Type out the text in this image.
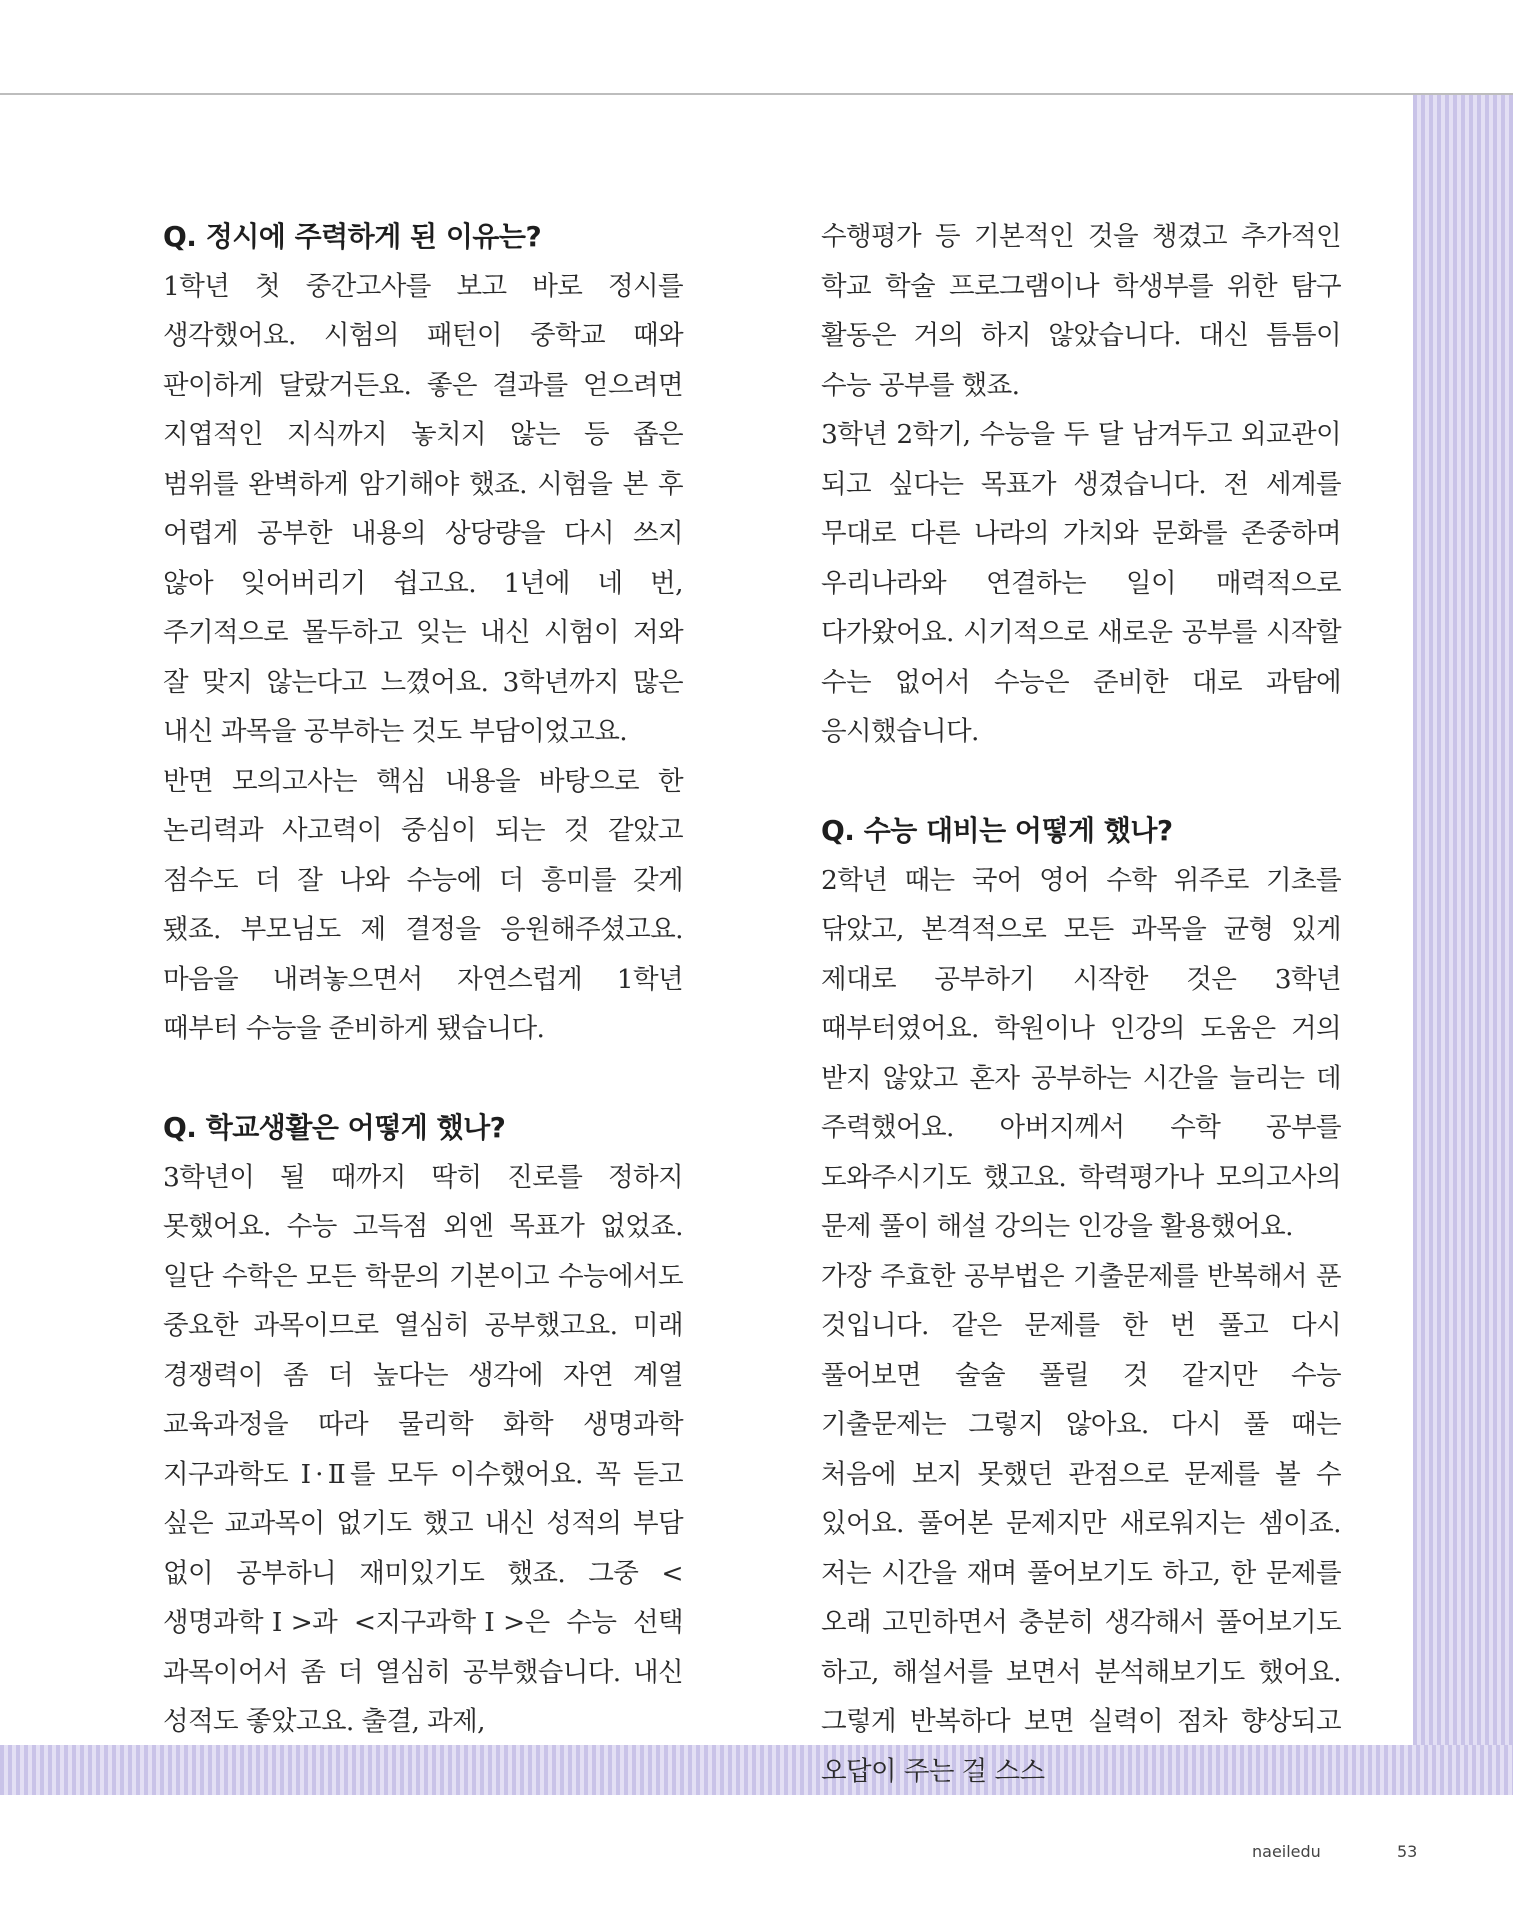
Q. 정시에 주력하게 된 이유는?

1학년 첫 중간고사를 보고 바로 정시를 생각했어요. 시험의 패턴이 중학교 때와 판이하게 달랐거든요. 좋은 결과를 얻으려면 지엽적인 지식까지 놓치지 않는 등 좁은 범위를 완벽하게 암기해야 했죠. 시험을 본 후 어렵게 공부한 내용의 상당량을 다시 쓰지 않아 잊어버리기 쉽고요. 1년에 네 번, 주기적으로 몰두하고 잊는 내신 시험이 저와 잘 맞지 않는다고 느꼈어요. 3학년까지 많은 내신 과목을 공부하는 것도 부담이었고요.

반면 모의고사는 핵심 내용을 바탕으로 한 논리력과 사고력이 중심이 되는 것 같았고 점수도 더 잘 나와 수능에 더 흥미를 갖게 됐죠. 부모님도 제 결정을 응원해주셨고요. 마음을 내려놓으면서 자연스럽게 1학년 때부터 수능을 준비하게 됐습니다.

Q. 학교생활은 어떻게 했나?

3학년이 될 때까지 딱히 진로를 정하지 못했어요. 수능 고득점 외엔 목표가 없었죠. 일단 수학은 모든 학문의 기본이고 수능에서도 중요한 과목이므로 열심히 공부했고요. 미래 경쟁력이 좀 더 높다는 생각에 자연 계열 교육과정을 따라 물리학 화학 생명과학 지구과학도 Ⅰ·Ⅱ를 모두 이수했어요. 꼭 듣고 싶은 교과목이 없기도 했고 내신 성적의 부담 없이 공부하니 재미있기도 했죠. 그중 <생명과학Ⅰ>과 <지구과학Ⅰ>은 수능 선택 과목이어서 좀 더 열심히 공부했습니다. 내신 성적도 좋았고요. 출결, 과제,

수행평가 등 기본적인 것을 챙겼고 추가적인 학교 학술 프로그램이나 학생부를 위한 탐구 활동은 거의 하지 않았습니다. 대신 틈틈이 수능 공부를 했죠.

3학년 2학기, 수능을 두 달 남겨두고 외교관이 되고 싶다는 목표가 생겼습니다. 전 세계를 무대로 다른 나라의 가치와 문화를 존중하며 우리나라와 연결하는 일이 매력적으로 다가왔어요. 시기적으로 새로운 공부를 시작할 수는 없어서 수능은 준비한 대로 과탐에 응시했습니다.

Q. 수능 대비는 어떻게 했나?

2학년 때는 국어 영어 수학 위주로 기초를 닦았고, 본격적으로 모든 과목을 균형 있게 제대로 공부하기 시작한 것은 3학년 때부터였어요. 학원이나 인강의 도움은 거의 받지 않았고 혼자 공부하는 시간을 늘리는 데 주력했어요. 아버지께서 수학 공부를 도와주시기도 했고요. 학력평가나 모의고사의 문제 풀이 해설 강의는 인강을 활용했어요.

가장 주효한 공부법은 기출문제를 반복해서 푼 것입니다. 같은 문제를 한 번 풀고 다시 풀어보면 술술 풀릴 것 같지만 수능 기출문제는 그렇지 않아요. 다시 풀 때는 처음에 보지 못했던 관점으로 문제를 볼 수 있어요. 풀어본 문제지만 새로워지는 셈이죠. 저는 시간을 재며 풀어보기도 하고, 한 문제를 오래 고민하면서 충분히 생각해서 풀어보기도 하고, 해설서를 보면서 분석해보기도 했어요. 그렇게 반복하다 보면 실력이 점차 향상되고 오답이 주는 걸 스스

naeiledu	53
